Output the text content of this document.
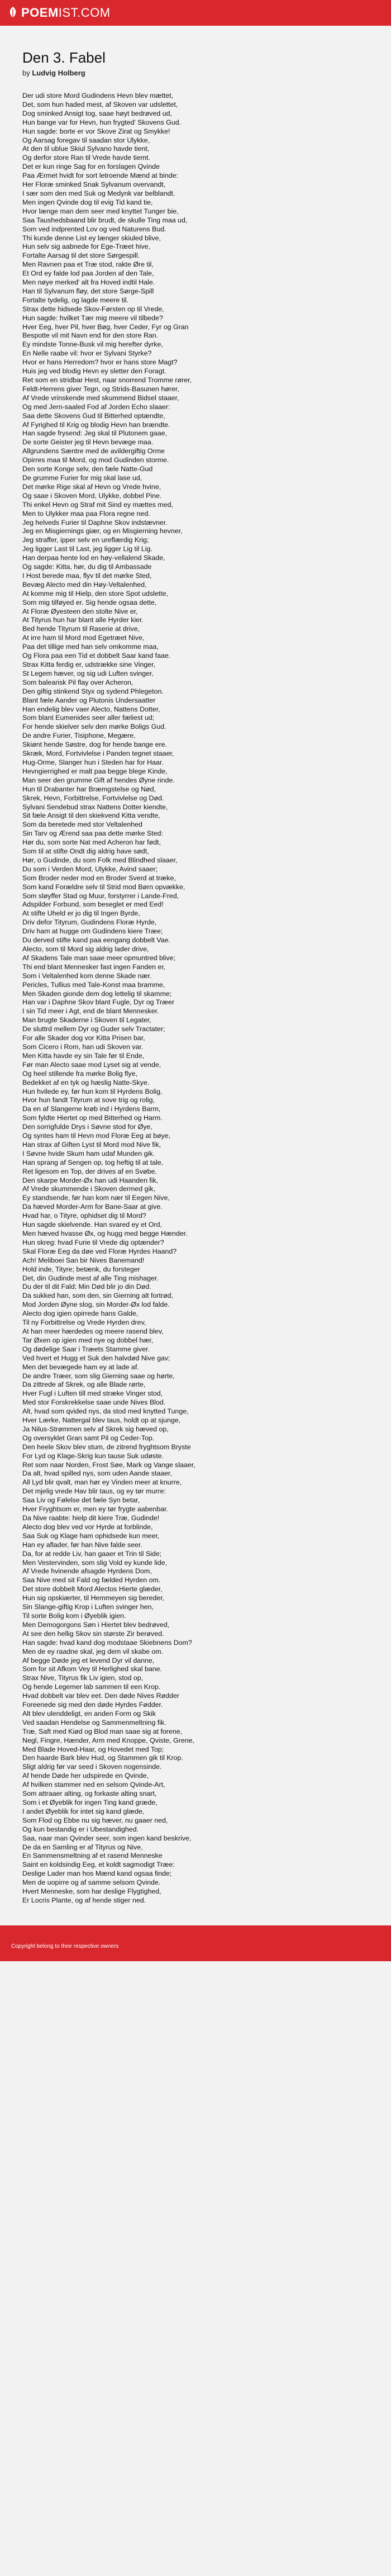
POEMIST.COM
Den 3. Fabel
by Ludvig Holberg
Der udi store Mord Gudindens Hevn blev mættet,
Det, som hun haded mest, af Skoven var udslettet,
Dog sminked Ansigt tog, saae høyt bedrøved ud,
Hun bange var for Hevn, hun frygted' Skovens Gud.
Hun sagde: borte er vor Skove Zirat og Smykke!
Og Aarsag foregav til saadan stor Ulykke,
At den til ublue Skiul Sylvano havde tient,
Og derfor store Ran til Vrede havde tiemt.
Det er kun ringe Sag for en forslagen Qvinde
Paa Ærmet hvidt for sort letroende Mænd at binde:
Her Floræ sminked Snak Sylvanum overvandt,
I sær som den med Suk og Medynk var belblandt.
Men ingen Qvinde dog til evig Tid kand tie,
Hvor længe man dem seer med knyttet Tunger bie,
Saa Taushedsbaand blir brudt, de skulle Ting maa ud,
Som ved indprented Lov og ved Naturens Bud.
Thi kunde denne List ey længer skiuled blive,
Hun selv sig aabnede for Ege-Træet hive,
Fortalte Aarsag til det store Sørgespill.
Men Ravnen paa et Træ stod, rakte Øre til,
Et Ord ey falde lod paa Jorden af den Tale,
Men nøye merked' alt fra Hoved indtil Hale.
Han til Sylvanum fløy, det store Sørge-Spill
Fortalte tydelig, og lagde meere til.
Strax dette hidsede Skov-Førsten op til Vrede,
Hun sagde: hvilket Tær mig meere vil tilbede?
Hver Eeg, hver Pil, hver Bøg, hver Ceder, Fyr og Gran
Bespotte vil mit Navn end for den store Ran.
Ey mindste Tonne-Busk vil mig herefter dyrke,
En Nelle raabe vil: hvor er Sylvani Styrke?
Hvor er hans Herredom? hvor er hans store Magt?
Huis jeg ved blodig Hevn ey sletter den Foragt.
Ret som en stridbar Hest, naar snorrend Tromme rører,
Feldt-Herrens giver Tegn, og Strids-Basunen hører,
Af Vrede vrinskende med skummend Bidsel staaer,
Og med Jern-saaled Fod af Jorden Echo slaaer:
Saa dette Skovens Gud til Bitterhed optændte,
Af Fyrighed til Krig og blodig Hevn han brændte.
Han sagde frysend: Jeg skal til Plutonem gaae,
De sorte Geister jeg til Hevn bevæge maa.
Allgrundens Sæntre med de avildergiftig Orme
Opirres maa til Mord, og mod Gudinden storme.
Den sorte Konge selv, den fæle Natte-Gud
De grumme Furier for mig skal lase ud,
Det mørke Rige skal af Hevn og Vrede hvine,
Og saae i Skoven Mord, Ulykke, dobbel Pine.
Thi enkel Hevn og Straf mit Sind ey mættes med,
Men to Ulykker maa paa Flora regne ned.
Jeg helveds Furier til Daphne Skov indstævner.
Jeg en Misgiernings giær, og en Misgierning hevner,
Jeg straffer, ipper selv en ureflærdig Krig;
Jeg ligger Last til Last, jeg ligger Lig til Lig.
Han derpaa hente lod en høy-vellalend Skade,
Og sagde: Kitta, hør, du dig til Ambassade
I Host berede maa, flyv til det mørke Sted,
Bevæg Alecto med din Høy-Veltalenhed,
At komme mig til Hielp, den store Spot udslette,
Som mig tilføyed er. Sig hende ogsaa dette,
At Floræ Øyesteen den stolte Nive er,
At Tityrus hun har blant alle Hyrder kier.
Bed hende Tityrum til Raserie at drive,
At irre ham til Mord mod Egetræet Nive,
Paa det tillige med han selv omkomme maa,
Og Flora paa een Tid et dobbelt Saar kand faae.
Strax Kitta ferdig er, udstrække sine Vinger,
St Legem hæver, og sig udi Luften svinger,
Som balearisk Pil flay over Acheron,
Den giftig stinkend Styx og sydend Phlegeton.
Blant fæle Aander og Plutonis Undersaatter
Han endelig blev vaer Alecto, Nattens Dotter,
Som blant Eumenides seer aller fæliest ud;
For hende skielver selv den mørke Boligs Gud.
De andre Furier, Tisiphone, Megære,
Skiønt hende Søstre, dog for hende bange ere.
Skræk, Mord, Fortvivlelse i Panden tegnet staaer,
Hug-Orme, Slanger hun i Steden har for Haar.
Hevngierrighed er malt paa begge blege Kinde,
Man seer den grumme Gift af hendes Øyne rinde.
Hun til Drabanter har Bræmgstelse og Nød,
Skrek, Hevn, Forbittrelse, Fortvivlelse og Død.
Sylvani Sendebud strax Nattens Dotter kiendte,
Sit fæle Ansigt til den skiekvend Kitta vendte,
Som da beretede med stor Veltalenhed
Sin Tarv og Ærend saa paa dette mørke Sted:
Hør du, som sorte Nat med Acheron har født,
Som til at stifte Ondt dig aldrig have sødt,
Hør, o Gudinde, du som Folk med Blindhed slaaer,
Du som i Verden Mord, Ulykke, Avind saaer;
Som Broder neder mod en Broder Sverd at træke,
Som kand Forældre selv til Strid mod Børn opvække,
Som sløyffer Stad og Muur, forstyrrer i Lande-Fred,
Adspilder Forbund, som beseglet er med Eed!
At stifte Uheld er jo dig til Ingen Byrde,
Driv defor Tityrum, Gudindens Floræ Hyrde,
Driv ham at hugge om Gudindens kiere Træe;
Du derved stifte kand paa eengang dobbelt Vae.
Alecto, som til Mord sig aldrig lader drive,
Af Skadens Tale man saae meer opmuntred blive;
Thi end blant Mennesker fast ingen Fanden er,
Som i Veltalenhed kom denne Skade nær.
Pericles, Tullius med Tale-Konst maa bramme,
Men Skaden gionde dem dog lettelig til skamme;
Han var i Daphne Skov blant Fugle, Dyr og Træer
I sin Tid meer i Agt, end de blant Mennesker.
Man brugte Skaderne i Skoven til Legater,
De sluttrd mellem Dyr og Guder selv Tractater;
For alle Skader dog vor Kitta Prisen bar,
Som Cicero i Rom, han udi Skoven var.
Men Kitta havde ey sin Tale før til Ende,
Før man Alecto saae mod Lyset sig at vende,
Og heel stillende fra mørke Bolig flye,
Bedekket af en tyk og hæslig Natte-Skye.
Hun hvilede ey, før hun kom til Hyrdens Bolig,
Hvor hun fandt Tityrum at sove trig og rolig,
Da en af Slangerne krøb ind i Hyrdens Barm,
Som fyldte Hiertet op med Bitterhed og Harm.
Den sorrigfulde Drys i Søvne stod for Øye,
Og syntes ham til Hevn mod Floræ Eeg at bøye,
Han strax af Giften Lyst til Mord mod Nive fik,
I Søvne hvide Skum ham udaf Munden gik.
Han sprang af Sengen op, tog heftig til at tale,
Ret ligesom en Top, der drives af en Svøbe.
Den skarpe Morder-Øx han udi Haanden fik,
Af Vrede skummende i Skoven dermed gik,
Ey standsende, før han kom nær til Eegen Nive,
Da hæved Morder-Arm for Bane-Saar at give.
Hvad har, o Tityre, ophidset dig til Mord?
Hun sagde skielvende. Han svared ey et Ord,
Men hæved hvasse Øx, og hugg med begge Hænder.
Hun skreg: hvad Furie til Vrede dig optænder?
Skal Floræ Eeg da døe ved Floræ Hyrdes Haand?
Ach! Meliboei San bir Nives Banemand!
Hold inde, Tityre; betænk, du forsteger
Det, din Gudinde mest af alle Ting mishager.
Du der til dit Fald; Min Død blir jo din Død.
Da sukked han, som den, sin Gierning alt fortrød,
Mod Jorden Øyne slog, sin Morder-Øx lod falde.
Alecto dog igien opirrede hans Galde,
Til ny Forbittrelse og Vrede Hyrden drev,
At han meer hærdedes og meere rasend blev,
Tar Øxen op igien med nye og dobbel hær,
Og dødelige Saar i Træets Stamme giver.
Ved hvert et Hugg et Suk den halvdød Nive gav;
Men det bevægede ham ey at lade af.
De andre Træer, som slig Gierning saae og hørte,
Da zittrede af Skrek, og alle Blade rørte,
Hver Fugl i Luften till med stræke Vinger stod,
Med stor Forskrekkelse saae unde Nives Blod.
Alt, hvad som qvided nys, da stod med knytted Tunge,
Hver Lærke, Nattergal blev taus, holdt op at sjunge,
Ja Nilus-Strømmen selv af Skrek sig hæved op,
Og oversyklet Gran samt Pil og Ceder-Top.
Den heele Skov blev stum, de zitrend fryghtsom Bryste
For Lyd og Klage-Skrig kun tause Suk udøste.
Ret som naar Norden, Frost Søe, Mark og Vange slaaer,
Da alt, hvad spilled nys, som uden Aande staaer,
All Lyd blir qvalt, man hør ey Vinden meer at knurre,
Det mjelig vrede Hav blir taus, og ey tør murre:
Saa Liv og Følelse det fæle Syn betar,
Hver Fryghtsom er, men ey tør frygte aabenbar.
Da Nive raabte: hielp dit kiere Træ, Gudinde!
Alecto dog blev ved vor Hyrde at forblinde,
Saa Suk og Klage ham ophidsede kun meer,
Han ey aflader, før han Nive falde seer.
Da, for at redde Liv, han gaaer et Trin til Side;
Men Vestervinden, som slig Vold ey kunde lide,
Af Vrede hvinende afsagde Hyrdens Dom,
Saa Nive med sit Fald og fælded Hyrden om.
Det store dobbelt Mord Alectos Hierte glæder,
Hun sig opskiærter, til Hemmeyen sig bereder,
Sin Slange-giftig Krop i Luften svinger hen,
Til sorte Bolig kom i Øyeblik igien.
Men Demogorgons Søn i Hiertet blev bedrøved,
At see den hellig Skov sin største Zir berøved.
Han sagde: hvad kand dog modstaae Skiebnens Dom?
Men de ey raadne skal, jeg dem vil skabe om.
Af begge Døde jeg et levend Dyr vil danne,
Som for sit Afkom Vey til Herlighed skal bane.
Strax Nive, Tityrus fik Liv igien, stod op,
Og hende Legemer lab sammen til een Krop.
Hvad dobbelt var blev eet. Den døde Nives Rødder
Foreenede sig med den døde Hyrdes Fødder.
Alt blev ulenddeligt, en anden Form og Skik
Ved saadan Hendelse og Sammenmeltning fik.
Træ, Saft med Kiød og Blod man saae sig at forene,
Negl, Fingre, Hænder, Arm med Knoppe, Qviste, Grene,
Med Blade Hoved-Haar, og Hovedet med Top;
Den haarde Bark blev Hud, og Stammen gik til Krop.
Sligt aldrig før var seed i Skoven nogensinde.
Af hende Døde her udspirede en Qvinde,
Af hvilken stammer ned en selsom Qvinde-Art,
Som attraaer alting, og forkaste alting snart,
Som i et Øyeblik for ingen Ting kand græde,
I andet Øyeblik for intet sig kand glæde,
Som Flod og Ebbe nu sig hæver, nu gaaer ned,
Og kun bestandig er i Ubestandighed.
Saa, naar man Qvinder seer, som ingen kand beskrive,
De da en Samling er af Tityrus og Nive,
En Sammensmeltning af et rasend Menneske
Saint en koldsindig Eeg, et koldt sagmodigt Træe:
Deslige Lader man hos Mænd kand ogsaa finde;
Men de uopirre og af samme selsom Qvinde.
Hvert Menneske, som har deslige Flygtighed,
Er Locris Plante, og af hende stiger ned.
Copyright belong to their respective owners
